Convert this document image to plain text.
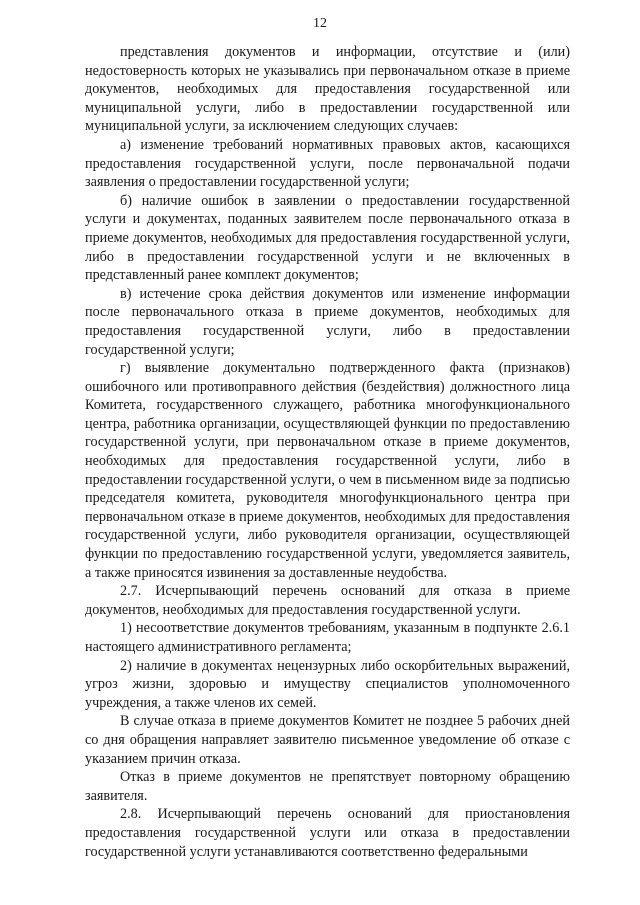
12

представления документов и информации, отсутствие и (или) недостоверность которых не указывались при первоначальном отказе в приеме документов, необходимых для предоставления государственной или муниципальной услуги, либо в предоставлении государственной или муниципальной услуги, за исключением следующих случаев:

а) изменение требований нормативных правовых актов, касающихся предоставления государственной услуги, после первоначальной подачи заявления о предоставлении государственной услуги;

б) наличие ошибок в заявлении о предоставлении государственной услуги и документах, поданных заявителем после первоначального отказа в приеме документов, необходимых для предоставления государственной услуги, либо в предоставлении государственной услуги и не включенных в представленный ранее комплект документов;

в) истечение срока действия документов или изменение информации после первоначального отказа в приеме документов, необходимых для предоставления государственной услуги, либо в предоставлении государственной услуги;

г) выявление документально подтвержденного факта (признаков) ошибочного или противоправного действия (бездействия) должностного лица Комитета, государственного служащего, работника многофункционального центра, работника организации, осуществляющей функции по предоставлению государственной услуги, при первоначальном отказе в приеме документов, необходимых для предоставления государственной услуги, либо в предоставлении государственной услуги, о чем в письменном виде за подписью председателя комитета, руководителя многофункционального центра при первоначальном отказе в приеме документов, необходимых для предоставления государственной услуги, либо руководителя организации, осуществляющей функции по предоставлению государственной услуги, уведомляется заявитель, а также приносятся извинения за доставленные неудобства.

2.7. Исчерпывающий перечень оснований для отказа в приеме документов, необходимых для предоставления государственной услуги.

1) несоответствие документов требованиям, указанным в подпункте 2.6.1 настоящего административного регламента;

2) наличие в документах нецензурных либо оскорбительных выражений, угроз жизни, здоровью и имуществу специалистов уполномоченного учреждения, а также членов их семей.

В случае отказа в приеме документов Комитет не позднее 5 рабочих дней со дня обращения направляет заявителю письменное уведомление об отказе с указанием причин отказа.

Отказ в приеме документов не препятствует повторному обращению заявителя.

2.8. Исчерпывающий перечень оснований для приостановления предоставления государственной услуги или отказа в предоставлении государственной услуги устанавливаются соответственно федеральными
